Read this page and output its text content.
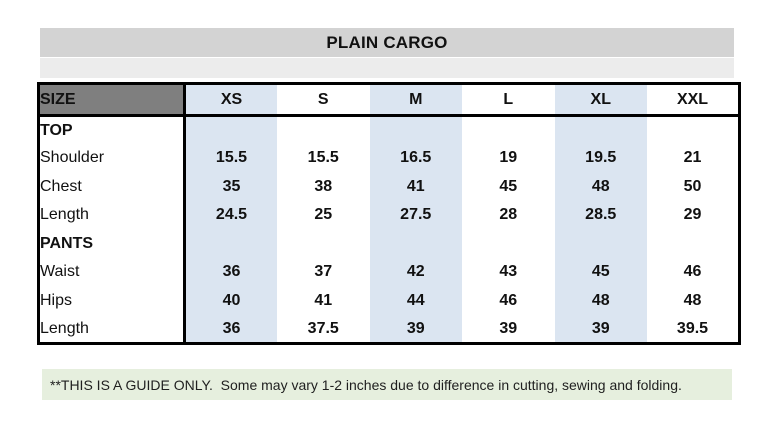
PLAIN CARGO
SIZE	XS	S	M	L	XL	XXL
TOP						
Shoulder	15.5	15.5	16.5	19	19.5	21
Chest	35	38	41	45	48	50
Length	24.5	25	27.5	28	28.5	29
PANTS						
Waist	36	37	42	43	45	46
Hips	40	41	44	46	48	48
Length	36	37.5	39	39	39	39.5
**THIS IS A GUIDE ONLY.  Some may vary 1-2 inches due to difference in cutting, sewing and folding.
